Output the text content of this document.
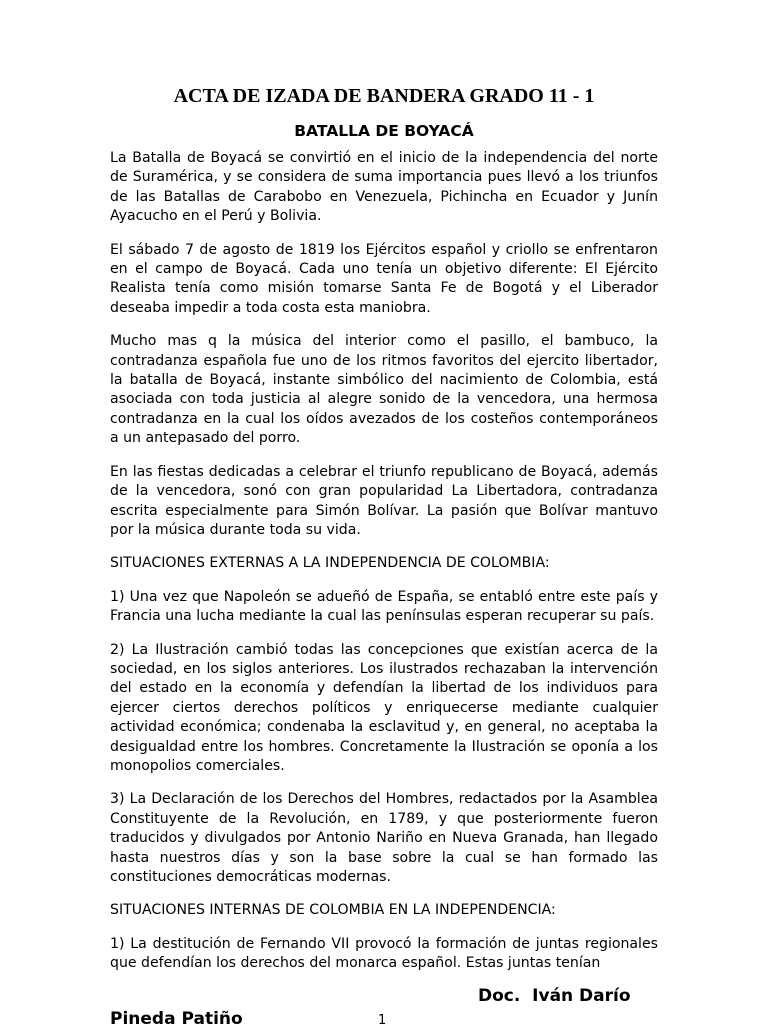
ACTA DE IZADA DE BANDERA GRADO 11 - 1
BATALLA DE BOYACÁ

La Batalla de Boyacá se convirtió en el inicio de la independencia del norte de Suramérica, y se considera de suma importancia pues llevó a los triunfos de las Batallas de Carabobo en Venezuela, Pichincha en Ecuador y Junín Ayacucho en el Perú y Bolivia.

El sábado 7 de agosto de 1819 los Ejércitos español y criollo se enfrentaron en el campo de Boyacá. Cada uno tenía un objetivo diferente: El Ejército Realista tenía como misión tomarse Santa Fe de Bogotá y el Liberador deseaba impedir a toda costa esta maniobra.

Mucho mas q la música del interior como el pasillo, el bambuco, la contradanza española fue uno de los ritmos favoritos del ejercito libertador, la batalla de Boyacá, instante simbólico del nacimiento de Colombia, está asociada con toda justicia al alegre sonido de la vencedora, una hermosa contradanza en la cual los oídos avezados de los costeños contemporáneos a un antepasado del porro.

En las fiestas dedicadas a celebrar el triunfo republicano de Boyacá, además de la vencedora, sonó con gran popularidad La Libertadora, contradanza escrita especialmente para Simón Bolívar. La pasión que Bolívar mantuvo por la música durante toda su vida.

SITUACIONES EXTERNAS A LA INDEPENDENCIA DE COLOMBIA:

1) Una vez que Napoleón se adueñó de España, se entabló entre este país y Francia una lucha mediante la cual las penínsulas esperan recuperar su país.

2) La Ilustración cambió todas las concepciones que existían acerca de la sociedad, en los siglos anteriores. Los ilustrados rechazaban la intervención del estado en la economía y defendían la libertad de los individuos para ejercer ciertos derechos políticos y enriquecerse mediante cualquier actividad económica; condenaba la esclavitud y, en general, no aceptaba la desigualdad entre los hombres. Concretamente la Ilustración se oponía a los monopolios comerciales.

3) La Declaración de los Derechos del Hombres, redactados por la Asamblea Constituyente de la Revolución, en 1789, y que posteriormente fueron traducidos y divulgados por Antonio Nariño en Nueva Granada, han llegado hasta nuestros días y son la base sobre la cual se han formado las constituciones democráticas modernas.

SITUACIONES INTERNAS DE COLOMBIA EN LA INDEPENDENCIA:

1) La destitución de Fernando VII provocó la formación de juntas regionales que defendían los derechos del monarca español. Estas juntas tenían

Doc.  Iván Darío
Pineda Patiño	1
